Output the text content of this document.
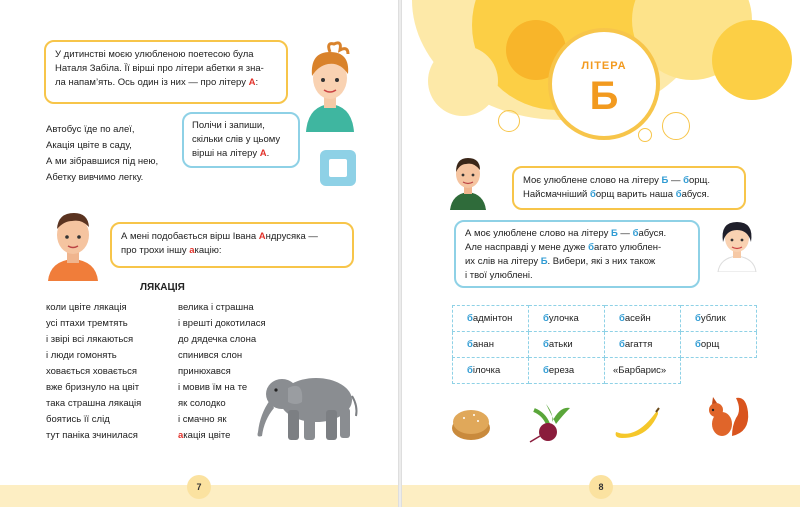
У дитинстві моєю улюбленою поетесою була
Наталя Забіла. Її вірші про літери абетки я зна-
ла напам’ять. Ось один із них — про літеру А:
Автобус їде по алеї,
Акація цвіте в саду,
А ми зібравшися під нею,
Абетку вивчимо легку.
Полічи і запиши,
скільки слів у цьому
вірші на літеру А.
А мені подобається вірш Івана Андрусяка —
про трохи іншу акацію:
ЛЯКАЦІЯ
коли цвіте лякація
усі птахи тремтять
і звірі всі лякаються
і люди гомонять
ховається ховається
вже бризнуло на цвіт
така страшна лякація
боятись її слід
тут паніка зчинилася
велика і страшна
і врешті докотилася
до дядечка слона
спинився слон
принюхався
і мовив їм на те
як солодко
і смачно як
акація цвіте
7
ЛІТЕРА
Б
Моє улюблене слово на літеру Б — борщ.
Найсмачніший борщ варить наша бабуся.
А моє улюблене слово на літеру Б — бабуся.
Але насправді у мене дуже багато улюблен-
их слів на літеру Б. Вибери, які з них також
і твої улюблені.
бадмінтон	булочка	басейн	бублик
банан	батьки	багаття	борщ
білочка	береза	«Барбарис»	
8
